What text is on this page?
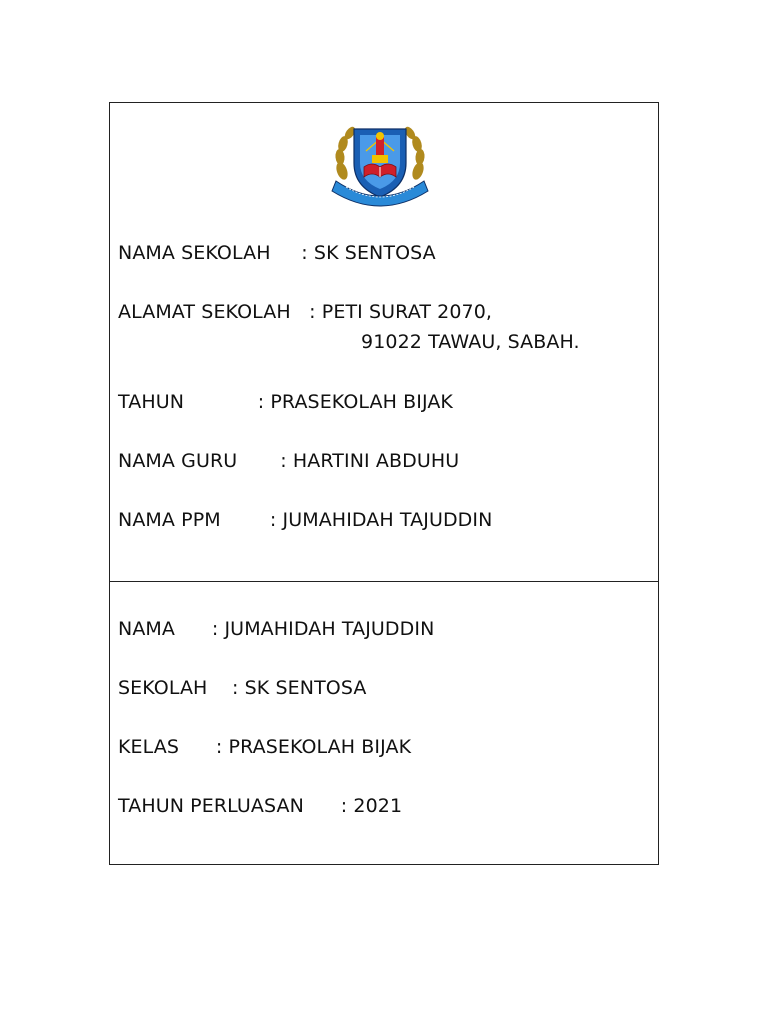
NAMA SEKOLAH     : SK SENTOSA
ALAMAT SEKOLAH   : PETI SURAT 2070,
91022 TAWAU, SABAH.
TAHUN            : PRASEKOLAH BIJAK
NAMA GURU       : HARTINI ABDUHU
NAMA PPM        : JUMAHIDAH TAJUDDIN
NAMA      : JUMAHIDAH TAJUDDIN
SEKOLAH    : SK SENTOSA
KELAS      : PRASEKOLAH BIJAK
TAHUN PERLUASAN      : 2021
